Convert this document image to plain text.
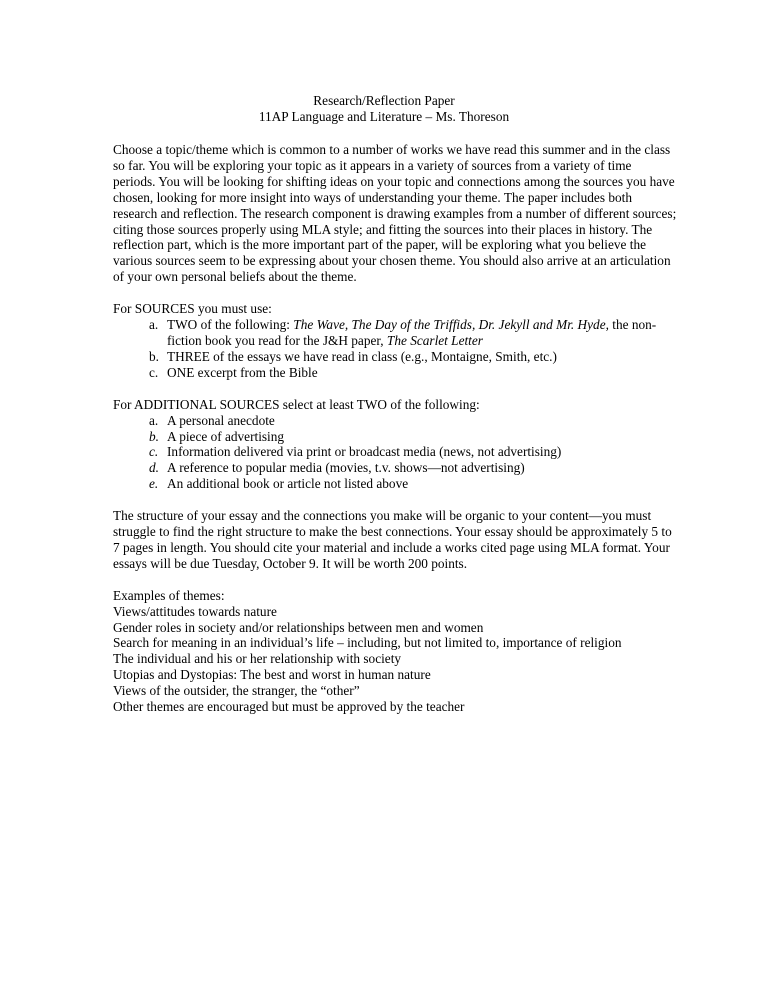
Research/Reflection Paper
11AP Language and Literature – Ms. Thoreson

Choose a topic/theme which is common to a number of works we have read this summer and in the class so far. You will be exploring your topic as it appears in a variety of sources from a variety of time periods. You will be looking for shifting ideas on your topic and connections among the sources you have chosen, looking for more insight into ways of understanding your theme. The paper includes both research and reflection. The research component is drawing examples from a number of different sources; citing those sources properly using MLA style; and fitting the sources into their places in history. The reflection part, which is the more important part of the paper, will be exploring what you believe the various sources seem to be expressing about your chosen theme. You should also arrive at an articulation of your own personal beliefs about the theme.

For SOURCES you must use:

a. TWO of the following: The Wave, The Day of the Triffids, Dr. Jekyll and Mr. Hyde, the non-fiction book you read for the J&H paper, The Scarlet Letter
b. THREE of the essays we have read in class (e.g., Montaigne, Smith, etc.)
c. ONE excerpt from the Bible

For ADDITIONAL SOURCES select at least TWO of the following:

a. A personal anecdote
b. A piece of advertising
c. Information delivered via print or broadcast media (news, not advertising)
d. A reference to popular media (movies, t.v. shows—not advertising)
e. An additional book or article not listed above

The structure of your essay and the connections you make will be organic to your content—you must struggle to find the right structure to make the best connections. Your essay should be approximately 5 to 7 pages in length. You should cite your material and include a works cited page using MLA format. Your essays will be due Tuesday, October 9. It will be worth 200 points.

Examples of themes:
Views/attitudes towards nature
Gender roles in society and/or relationships between men and women
Search for meaning in an individual’s life – including, but not limited to, importance of religion
The individual and his or her relationship with society
Utopias and Dystopias: The best and worst in human nature
Views of the outsider, the stranger, the “other”
Other themes are encouraged but must be approved by the teacher
